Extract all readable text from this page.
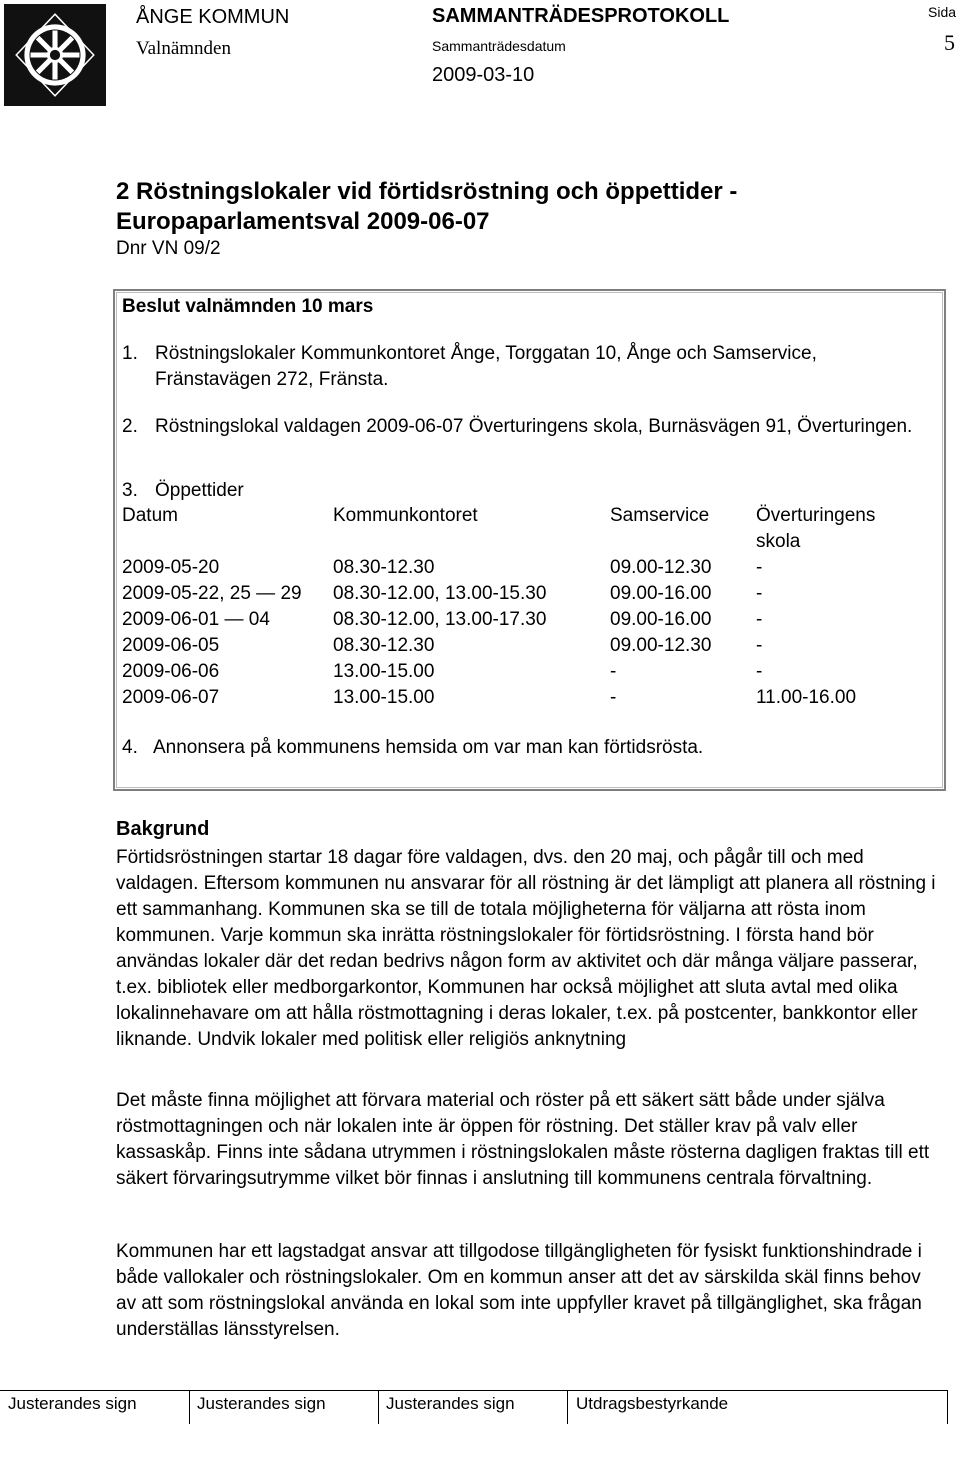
ÅNGE KOMMUN
Valnämnden
SAMMANTRÄDESPROTOKOLL
Sammanträdesdatum
2009-03-10
Sida
5
2 Röstningslokaler vid förtidsröstning och öppettider - Europaparlamentsval 2009-06-07
Dnr VN 09/2
Beslut valnämnden 10 mars
1. Röstningslokaler Kommunkontoret Ånge, Torggatan 10, Ånge och Samservice, Fränstavägen 272, Fränsta.
2. Röstningslokal valdagen 2009-06-07 Överturingens skola, Burnäsvägen 91, Överturingen.
3. Öppettider
Datum	Kommunkontoret	Samservice Överturingens skola
2009-05-20	08.30-12.30	09.00-12.30 -
2009-05-22, 25 — 29 08.30-12.00, 13.00-15.30	09.00-16.00 -
2009-06-01 — 04	08.30-12.00, 13.00-17.30	09.00-16.00 -
2009-06-05	08.30-12.30	09.00-12.30 -
2009-06-06	13.00-15.00	-	-
2009-06-07	13.00-15.00	-	11.00-16.00
4. Annonsera på kommunens hemsida om var man kan förtidsrösta.
Bakgrund
Förtidsröstningen startar 18 dagar före valdagen, dvs. den 20 maj, och pågår till och med valdagen. Eftersom kommunen nu ansvarar för all röstning är det lämpligt att planera all röstning i ett sammanhang. Kommunen ska se till de totala möjligheterna för väljarna att rösta inom kommunen. Varje kommun ska inrätta röstningslokaler för förtidsröstning. I första hand bör användas lokaler där det redan bedrivs någon form av aktivitet och där många väljare passerar, t.ex. bibliotek eller medborgarkontor, Kommunen har också möjlighet att sluta avtal med olika lokalinnehavare om att hålla röstmottagning i deras lokaler, t.ex. på postcenter, bankkontor eller liknande. Undvik lokaler med politisk eller religiös anknytning
Det måste finna möjlighet att förvara material och röster på ett säkert sätt både under själva röstmottagningen och när lokalen inte är öppen för röstning. Det ställer krav på valv eller kassaskåp. Finns inte sådana utrymmen i röstningslokalen måste rösterna dagligen fraktas till ett säkert förvaringsutrymme vilket bör finnas i anslutning till kommunens centrala förvaltning.
Kommunen har ett lagstadgat ansvar att tillgodose tillgängligheten för fysiskt funktionshindrade i både vallokaler och röstningslokaler. Om en kommun anser att det av särskilda skäl finns behov av att som röstningslokal använda en lokal som inte uppfyller kravet på tillgänglighet, ska frågan underställas länsstyrelsen.
Justerandes sign	Justerandes sign	Justerandes sign	Utdragsbestyrkande
